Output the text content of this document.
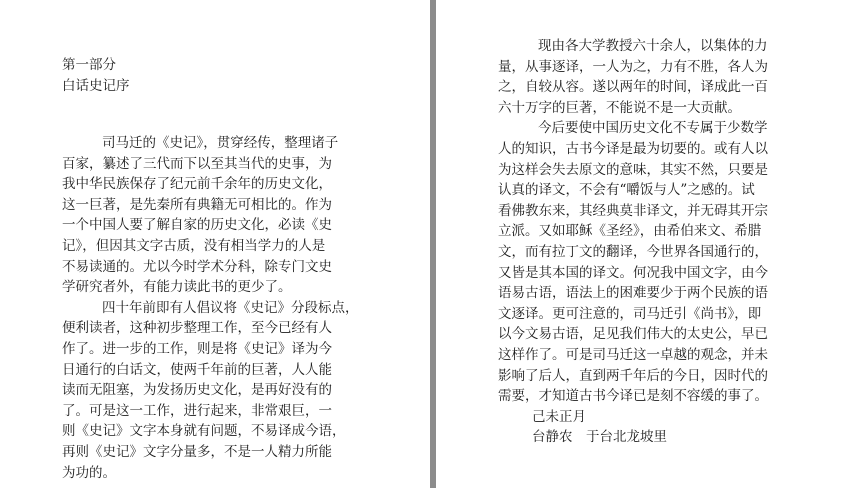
第一部分
白话史记序

司马迁的《史记》，贯穿经传，整理诸子

百家，纂述了三代而下以至其当代的史事，为

我中华民族保存了纪元前千余年的历史文化，

这一巨著，是先秦所有典籍无可相比的。作为

一个中国人要了解自家的历史文化，必读《史

记》，但因其文字古质，没有相当学力的人是

不易读通的。尤以今时学术分科，除专门文史

学研究者外，有能力读此书的更少了。

四十年前即有人倡议将《史记》分段标点，

便利读者，这种初步整理工作，至今已经有人

作了。进一步的工作，则是将《史记》译为今

日通行的白话文，使两千年前的巨著，人人能

读而无阻塞，为发扬历史文化，是再好没有的

了。可是这一工作，进行起来，非常艰巨，一

则《史记》文字本身就有问题，不易译成今语，

再则《史记》文字分量多，不是一人精力所能

为功的。

现由各大学教授六十余人，以集体的力

量，从事逐译，一人为之，力有不胜，各人为

之，自较从容。遂以两年的时间，译成此一百

六十万字的巨著，不能说不是一大贡献。

今后要使中国历史文化不专属于少数学

人的知识，古书今译是最为切要的。或有人以

为这样会失去原文的意味，其实不然，只要是

认真的译文，不会有“嚼饭与人”之感的。试

看佛教东来，其经典莫非译文，并无碍其开宗

立派。又如耶稣《圣经》，由希伯来文、希腊

文，而有拉丁文的翻译，今世界各国通行的，

又皆是其本国的译文。何况我中国文字，由今

语易古语，语法上的困难要少于两个民族的语

文逐译。更可注意的，司马迁引《尚书》，即

以今文易古语，足见我们伟大的太史公，早已

这样作了。可是司马迁这一卓越的观念，并未

影响了后人，直到两千年后的今日，因时代的

需要，才知道古书今译已是刻不容缓的事了。

己未正月

台静农　于台北龙坡里
